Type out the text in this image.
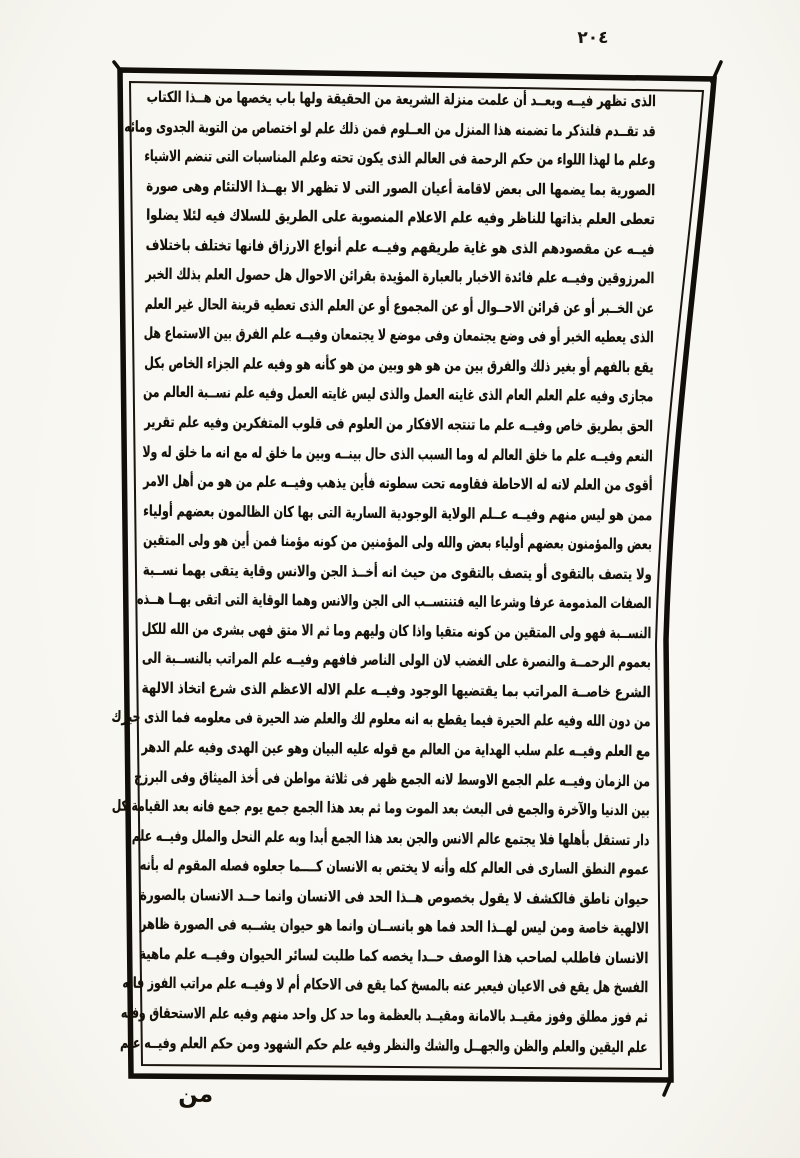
٢٠٤
الذى تظهر فيــه وبعــد أن علمت منزلة الشريعة من الحقيقة ولها باب يخصها من هــذا الكتاب
قد تقــدم فلنذكر ما تضمنه هذا المنزل من العــلوم فمن ذلك علم لو اختصاص من التوبة الجدوى ومائه
وعلم ما لهذا اللواء من حكم الرحمة فى العالم الذى يكون تحته وعلم المناسبات التى تنضم الاشياء
الصورية بما يضمها الى بعض لاقامة أعيان الصور التى لا تظهر الا بهــذا الالتئام وهى صورة
تعطى العلم بذاتها للناظر وفيه علم الاعلام المنصوبة على الطريق للسلاك فيه لئلا يضلوا
فيــه عن مقصودهم الذى هو غاية طريقهم وفيــه علم أنواع الارزاق فانها تختلف باختلاف
المرزوقين وفيــه علم فائدة الاخبار بالعبارة المؤيدة بقرائن الاحوال هل حصول العلم بذلك الخبر
عن الخــبر أو عن قرائن الاحــوال أو عن المجموع أو عن العلم الذى تعطيه قرينة الحال غير العلم
الذى يعطيه الخبر أو فى وضع يجتمعان وفى موضع لا يجتمعان وفيــه علم الفرق بين الاستماع هل
يقع بالفهم أو بغير ذلك والفرق بين من هو هو وبين من هو كأنه هو وفيه علم الجزاء الخاص بكل
مجازى وفيه علم العلم العام الذى غايته العمل والذى ليس غايته العمل وفيه علم نســبة العالم من
الحق بطريق خاص وفيــه علم ما تنتجه الافكار من العلوم فى قلوب المتفكرين وفيه علم تقرير
النعم وفيــه علم ما خلق العالم له وما السبب الذى حال بينــه وبين ما خلق له مع انه ما خلق له ولا
أقوى من العلم لانه له الاحاطة فقاومه تحت سطوته فأين يذهب وفيــه علم من هو من أهل الامر
ممن هو ليس منهم وفيــه عــلم الولاية الوجودية السارية التى بها كان الظالمون بعضهم أولياء
بعض والمؤمنون بعضهم أولياء بعض والله ولى المؤمنين من كونه مؤمنا فمن أين هو ولى المتقين
ولا يتصف بالتقوى أو يتصف بالتقوى من حيث انه أخــذ الجن والانس وقاية يتقى بهما نســبة
الصفات المذمومة عرفا وشرعا اليه فتنتســب الى الجن والانس وهما الوقاية التى اتقى بهــا هــذه
النســبة فهو ولى المتقين من كونه متقيا واذا كان وليهم وما ثم الا متق فهى بشرى من الله للكل
بعموم الرحمــة والنصرة على الغضب لان الولى الناصر فافهم وفيــه علم المراتب بالنســبة الى
الشرع خاصــة المراتب بما يقتضيها الوجود وفيــه علم الاله الاعظم الذى شرع اتخاذ الالهة
من دون الله وفيه علم الحيرة فيما يقطع به انه معلوم لك والعلم ضد الحيرة فى معلومه فما الذى حيرك
مع العلم وفيــه علم سلب الهداية من العالم مع قوله عليه البيان وهو عين الهدى وفيه علم الدهر
من الزمان وفيــه علم الجمع الاوسط لانه الجمع ظهر فى ثلاثة مواطن فى أخذ الميثاق وفى البرزخ
بين الدنيا والآخرة والجمع فى البعث بعد الموت وما ثم بعد هذا الجمع جمع يوم جمع فانه بعد القيامة كل
دار تستقل بأهلها فلا يجتمع عالم الانس والجن بعد هذا الجمع أبدا وبه علم النحل والملل وفيــه علم
عموم النطق السارى فى العالم كله وأنه لا يختص به الانسان كــــما جعلوه فصله المقوم له بأنه
حيوان ناطق فالكشف لا يقول بخصوص هــذا الحد فى الانسان وانما حــد الانسان بالصورة
الالهية خاصة ومن ليس لهــذا الحد فما هو بانســان وانما هو حيوان يشــبه فى الصورة ظاهر
الانسان فاطلب لصاحب هذا الوصف حــدا يخصه كما طلبت لسائر الحيوان وفيــه علم ماهية
الفسخ هل يقع فى الاعيان فيعبر عنه بالمسخ كما يقع فى الاحكام أم لا وفيــه علم مراتب الفوز فانه
ثم فوز مطلق وفوز مقيــد بالامانة ومقيــد بالعظمة وما حد كل واحد منهم وفيه علم الاستحقاق وفيه
علم اليقين والعلم والظن والجهــل والشك والنظر وفيه علم حكم الشهود ومن حكم العلم وفيــه علم
من
